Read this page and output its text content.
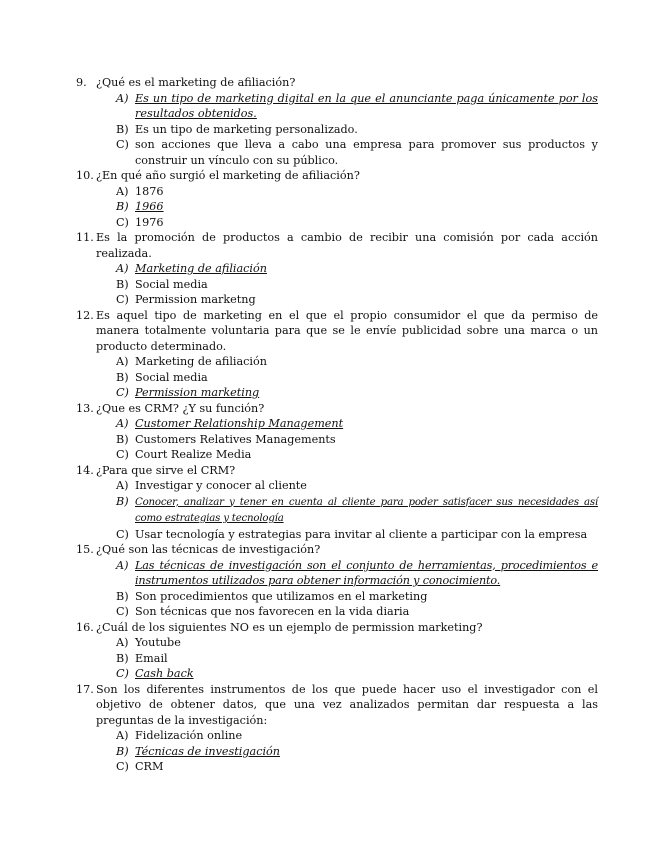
9. ¿Qué es el marketing de afiliación?
A) Es un tipo de marketing digital en la que el anunciante paga únicamente por los resultados obtenidos.
B) Es un tipo de marketing personalizado.
C) son acciones que lleva a cabo una empresa para promover sus productos y construir un vínculo con su público.
10. ¿En qué año surgió el marketing de afiliación?
A) 1876
B) 1966
C) 1976
11. Es la promoción de productos a cambio de recibir una comisión por cada acción realizada.
A) Marketing de afiliación
B) Social media
C) Permission marketng
12. Es aquel tipo de marketing en el que el propio consumidor el que da permiso de manera totalmente voluntaria para que se le envíe publicidad sobre una marca o un producto determinado.
A) Marketing de afiliación
B) Social media
C) Permission marketing
13. ¿Que es CRM? ¿Y su función?
A) Customer Relationship Management
B) Customers Relatives Managements
C) Court Realize Media
14. ¿Para que sirve el CRM?
A) Investigar y conocer al cliente
B) Conocer, analizar y tener en cuenta al cliente para poder satisfacer sus necesidades así como estrategias y tecnología
C) Usar tecnología y estrategias para invitar al cliente a participar con la empresa
15. ¿Qué son las técnicas de investigación?
A) Las técnicas de investigación son el conjunto de herramientas, procedimientos e instrumentos utilizados para obtener información y conocimiento.
B) Son procedimientos que utilizamos en el marketing
C) Son técnicas que nos favorecen en la vida diaria
16. ¿Cuál de los siguientes NO es un ejemplo de permission marketing?
A) Youtube
B) Email
C) Cash back
17. Son los diferentes instrumentos de los que puede hacer uso el investigador con el objetivo de obtener datos, que una vez analizados permitan dar respuesta a las preguntas de la investigación:
A) Fidelización online
B) Técnicas de investigación
C) CRM
